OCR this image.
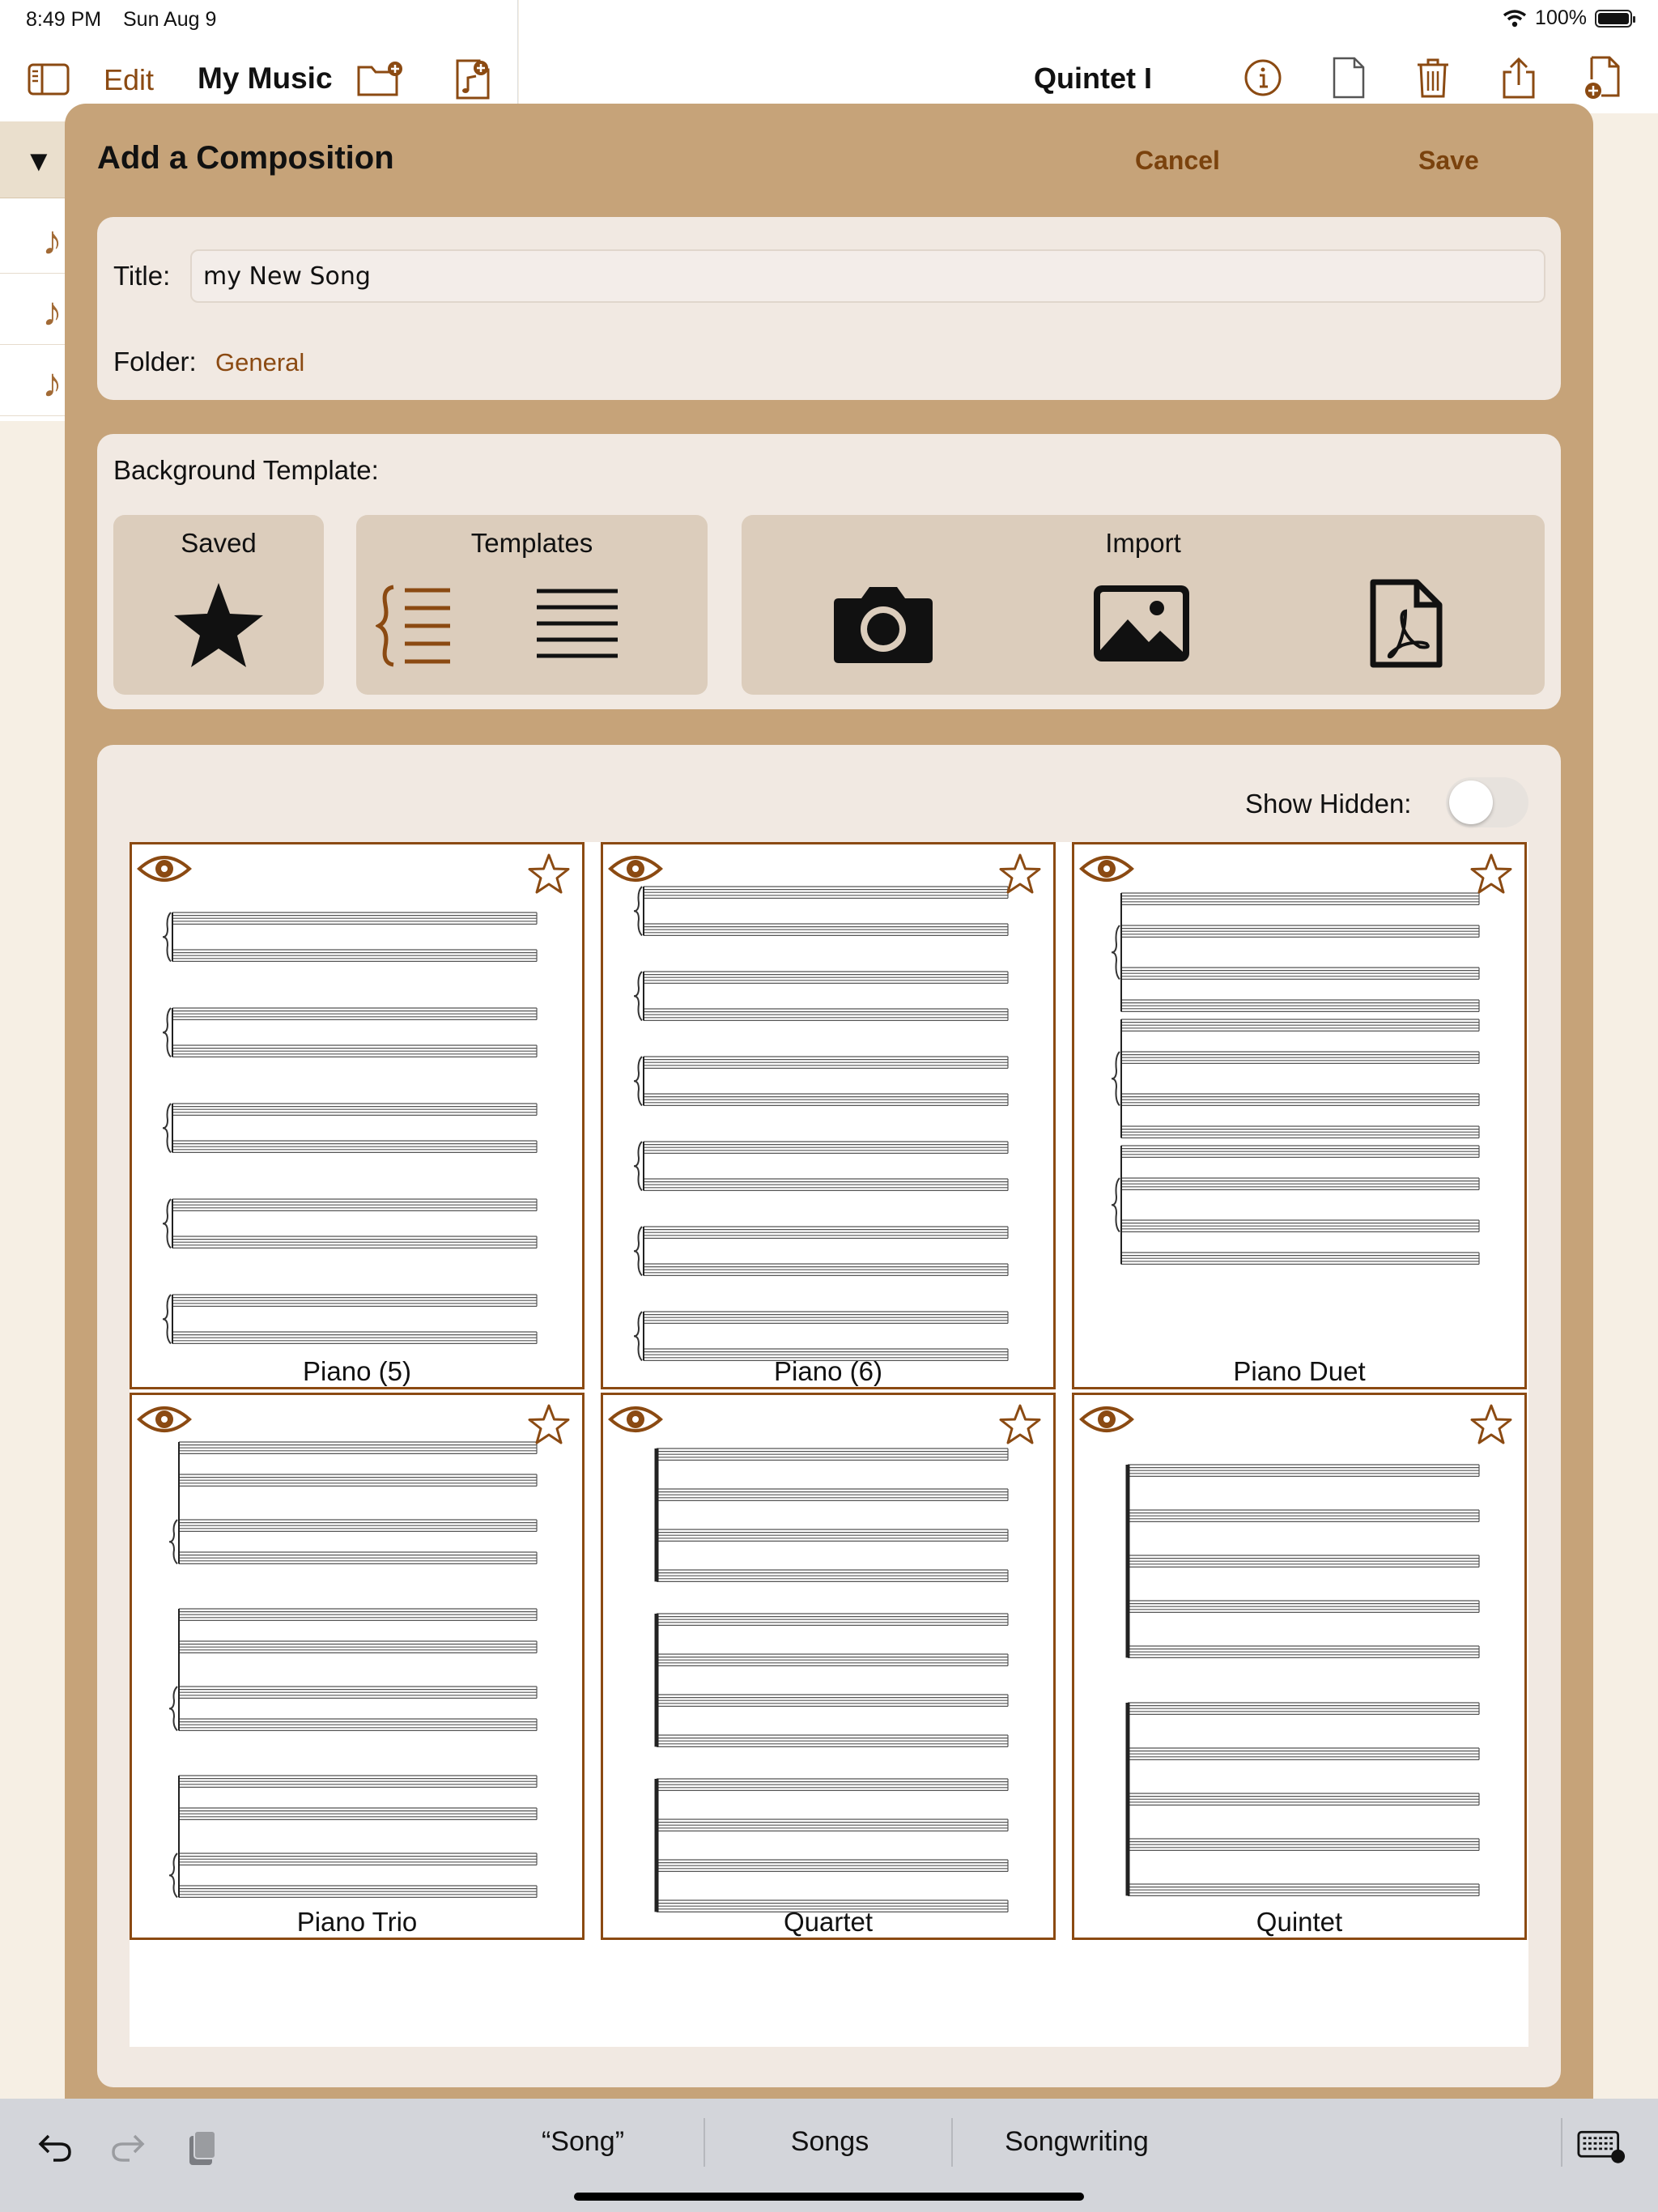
8:49 PM Sun Aug 9	100%
Edit My Music	Quintet I
▼
♪
♪
♪
Add a Composition	Cancel	Save
Title:
my New Song
Folder: General
Background Template:
Saved	Templates	Import
Show Hidden:
Piano (5)	Piano (6)	Piano Duet
Piano Trio	Quartet	Quintet
“Song”	Songs	Songwriting
